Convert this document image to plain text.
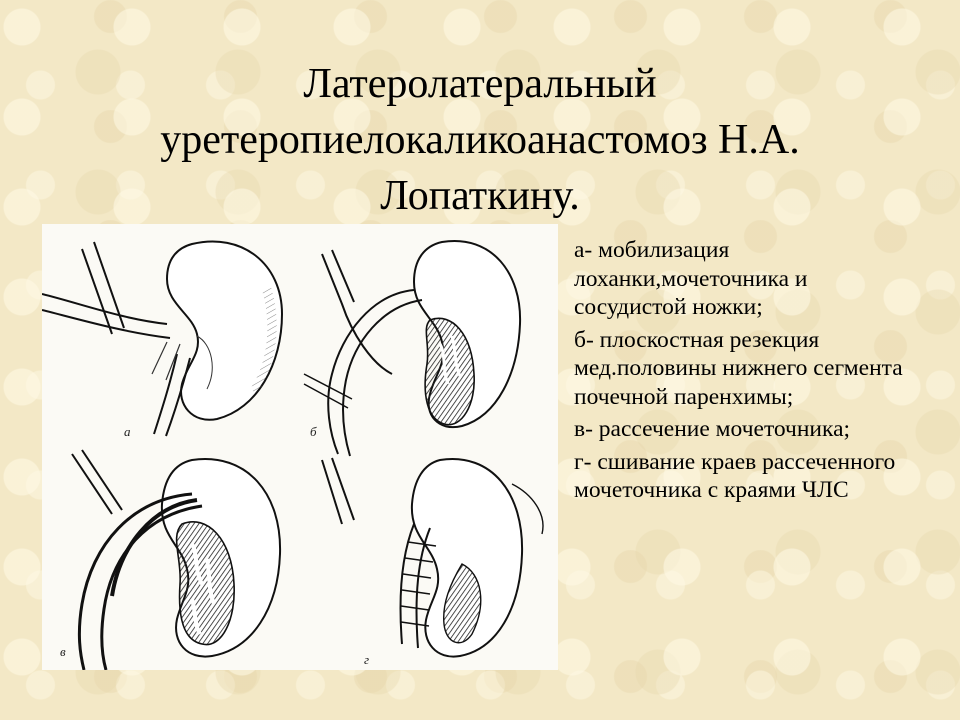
Латеролатеральный
уретеропиелокаликоанастомоз Н.А.
Лопаткину.
а	б
в
г
а- мобилизация лоханки,мочеточника и сосудистой ножки;
б- плоскостная резекция мед.половины нижнего сегмента почечной паренхимы;
в- рассечение мочеточника;
г- сшивание краев рассеченного мочеточника с краями ЧЛС
